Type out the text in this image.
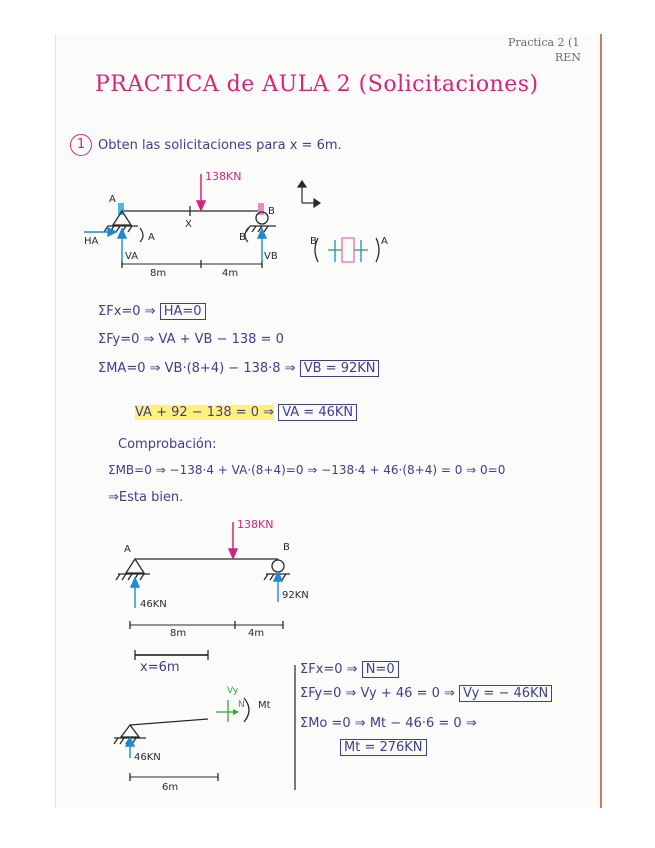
Practica 2 (1
REN
PRACTICA de AULA 2 (Solicitaciones)
1 Obten las solicitaciones para x = 6m.
138KN
A
B
X
HA
VA	VB
A	B
8m	4m
B	A
ΣFx=0 ⇒ HA=0
ΣFy=0 ⇒ VA + VB − 138 = 0
ΣMA=0 ⇒ VB·(8+4) − 138·8 ⇒ VB = 92KN
VA + 92 − 138 = 0 ⇒ VA = 46KN
Comprobación:
ΣMB=0 ⇒ −138·4 + VA·(8+4)=0 ⇒ −138·4 + 46·(8+4) = 0 ⇒ 0=0
⇒Esta bien.
138KN
A	B
46KN
92KN
8m	4m
x=6m
46KN
6m
Vy
N Mt
ΣFx=0 ⇒ N=0
ΣFy=0 ⇒ Vy + 46 = 0 ⇒ Vy = − 46KN
ΣMo =0 ⇒ Mt − 46·6 = 0 ⇒
Mt = 276KN
